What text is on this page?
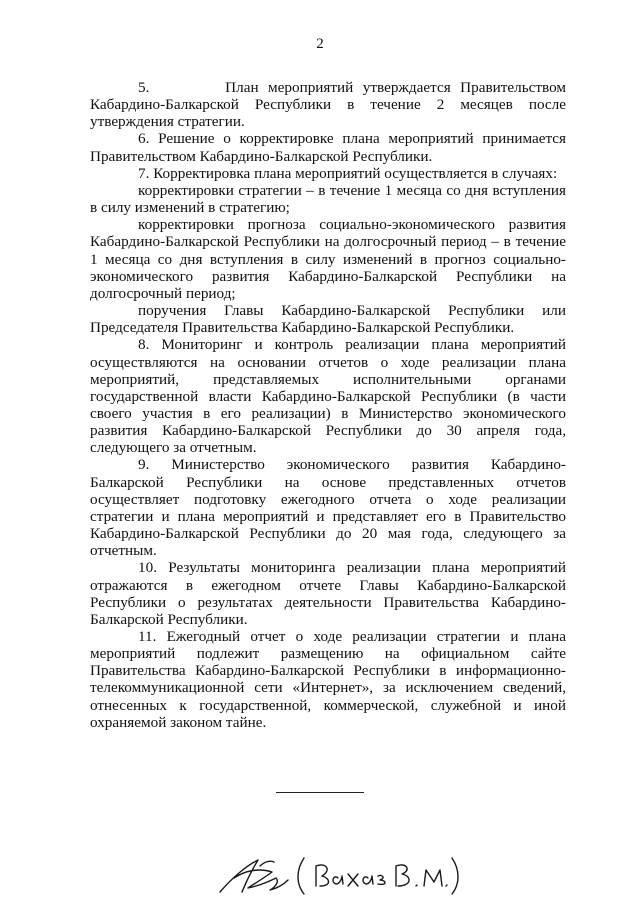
2

5.        План мероприятий утверждается Правительством Кабардино-Балкарской Республики в течение 2 месяцев после утверждения стратегии.

6. Решение о корректировке плана мероприятий принимается Правительством Кабардино-Балкарской Республики.

7. Корректировка плана мероприятий осуществляется в случаях:

корректировки стратегии – в течение 1 месяца со дня вступления в силу изменений в стратегию;

корректировки прогноза социально-экономического развития Кабардино-Балкарской Республики на долгосрочный период – в течение 1 месяца со дня вступления в силу изменений в прогноз социально-экономического развития Кабардино-Балкарской Республики на долгосрочный период;

поручения Главы Кабардино-Балкарской Республики или Председателя Правительства Кабардино-Балкарской Республики.

8. Мониторинг и контроль реализации плана мероприятий осуществляются на основании отчетов о ходе реализации плана мероприятий, представляемых исполнительными органами государственной власти Кабардино-Балкарской Республики (в части своего участия в его реализации) в Министерство экономического развития Кабардино-Балкарской Республики до 30 апреля года, следующего за отчетным.

9. Министерство экономического развития Кабардино-Балкарской Республики на основе представленных отчетов осуществляет подготовку ежегодного отчета о ходе реализации стратегии и плана мероприятий и представляет его в Правительство Кабардино-Балкарской Республики до 20 мая года, следующего за отчетным.

10. Результаты мониторинга реализации плана мероприятий отражаются в ежегодном отчете Главы Кабардино-Балкарской Республики о результатах деятельности Правительства Кабардино-Балкарской Республики.

11. Ежегодный отчет о ходе реализации стратегии и плана мероприятий подлежит размещению на официальном сайте Правительства Кабардино-Балкарской Республики в информационно-телекоммуникационной сети «Интернет», за исключением сведений, отнесенных к государственной, коммерческой, служебной и иной охраняемой законом тайне.
